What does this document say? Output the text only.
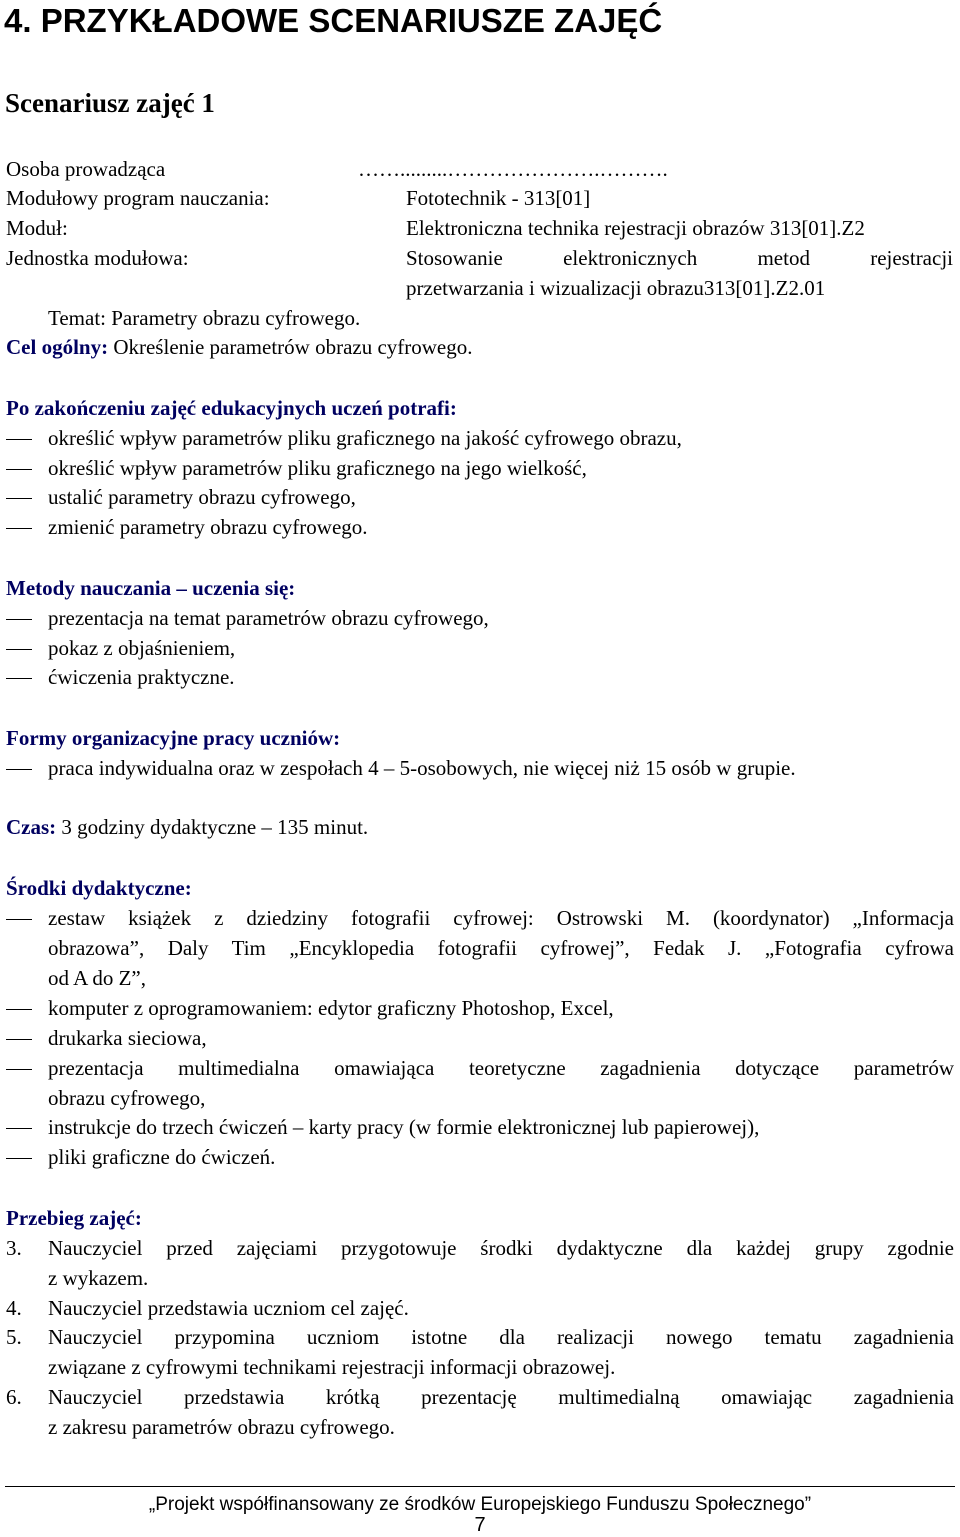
4. PRZYKŁADOWE SCENARIUSZE ZAJĘĆ
Scenariusz zajęć 1
Osoba prowadząca	…….........………………….……….
Modułowy program nauczania:	Fototechnik - 313[01]
Moduł:	Elektroniczna technika rejestracji obrazów 313[01].Z2
Jednostka modułowa:	Stosowanie elektronicznych metod rejestracji
przetwarzania i wizualizacji obrazu313[01].Z2.01
Temat: Parametry obrazu cyfrowego.
Cel ogólny: Określenie parametrów obrazu cyfrowego.
Po zakończeniu zajęć edukacyjnych uczeń potrafi:
określić wpływ parametrów pliku graficznego na jakość cyfrowego obrazu,
określić wpływ parametrów pliku graficznego na jego wielkość,
ustalić parametry obrazu cyfrowego,
zmienić parametry obrazu cyfrowego.
Metody nauczania – uczenia się:
prezentacja na temat parametrów obrazu cyfrowego,
pokaz z objaśnieniem,
ćwiczenia praktyczne.
Formy organizacyjne pracy uczniów:
praca indywidualna oraz w zespołach 4 – 5-osobowych, nie więcej niż 15 osób w grupie.
Czas: 3 godziny dydaktyczne – 135 minut.
Środki dydaktyczne:
zestaw książek z dziedziny fotografii cyfrowej: Ostrowski M. (koordynator) „Informacja
obrazowa”, Daly Tim „Encyklopedia fotografii cyfrowej”, Fedak J. „Fotografia cyfrowa
od A do Z”,
komputer z oprogramowaniem: edytor graficzny Photoshop, Excel,
drukarka sieciowa,
prezentacja multimedialna omawiająca teoretyczne zagadnienia dotyczące parametrów
obrazu cyfrowego,
instrukcje do trzech ćwiczeń – karty pracy (w formie elektronicznej lub papierowej),
pliki graficzne do ćwiczeń.
Przebieg zajęć:
3. Nauczyciel przed zajęciami przygotowuje środki dydaktyczne dla każdej grupy zgodnie
z wykazem.
4. Nauczyciel przedstawia uczniom cel zajęć.
5. Nauczyciel przypomina uczniom istotne dla realizacji nowego tematu zagadnienia
związane z cyfrowymi technikami rejestracji informacji obrazowej.
6. Nauczyciel przedstawia krótką prezentację multimedialną omawiając zagadnienia
z zakresu parametrów obrazu cyfrowego.
„Projekt współfinansowany ze środków Europejskiego Funduszu Społecznego”
7
